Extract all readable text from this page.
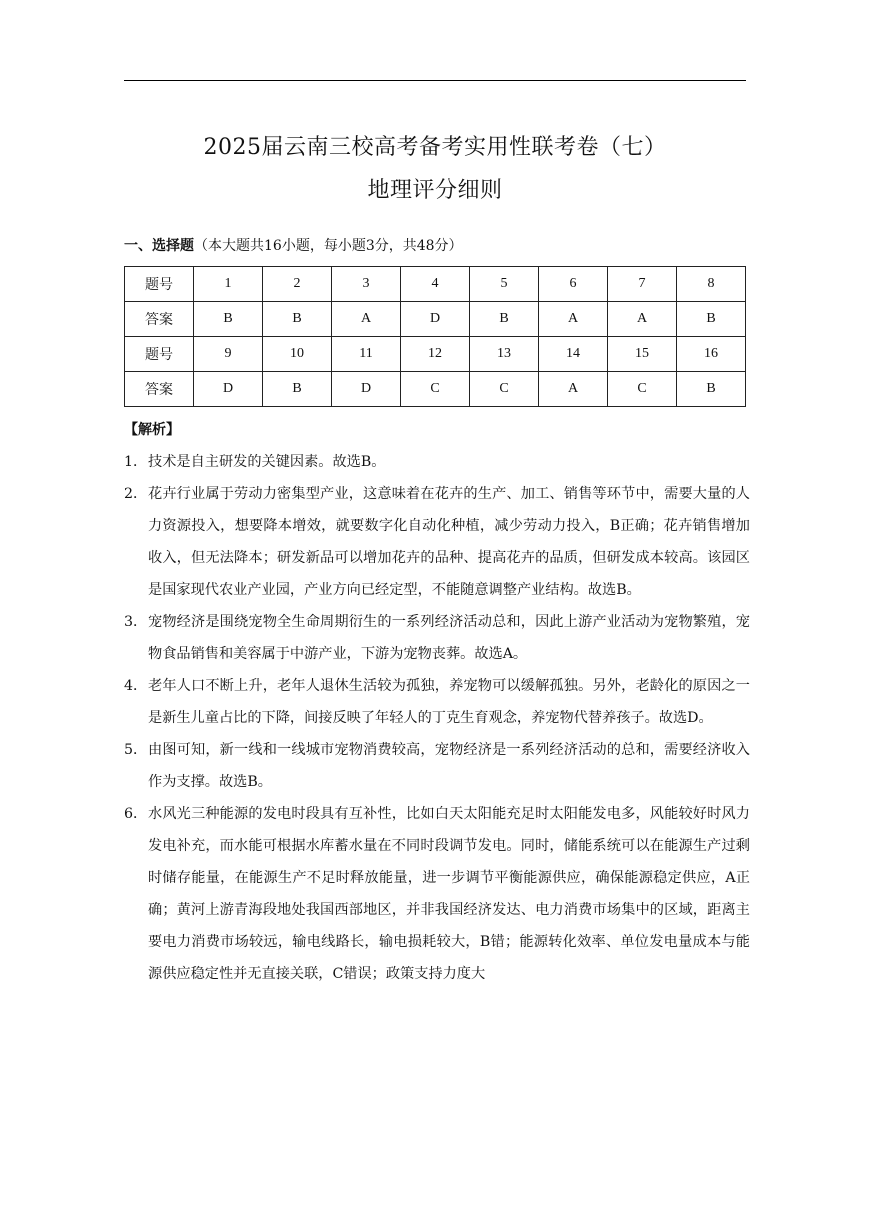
2025届云南三校高考备考实用性联考卷（七）
地理评分细则
一、选择题（本大题共16小题，每小题3分，共48分）
题号	1	2	3	4	5	6	7	8
答案	B	B	A	D	B	A	A	B
题号	9	10	11	12	13	14	15	16
答案	D	B	D	C	C	A	C	B
【解析】

1． 技术是自主研发的关键因素。故选B。

2． 花卉行业属于劳动力密集型产业，这意味着在花卉的生产、加工、销售等环节中，需要大量的人力资源投入，想要降本增效，就要数字化自动化种植，减少劳动力投入，B正确；花卉销售增加收入，但无法降本；研发新品可以增加花卉的品种、提高花卉的品质，但研发成本较高。该园区是国家现代农业产业园，产业方向已经定型，不能随意调整产业结构。故选B。

3． 宠物经济是围绕宠物全生命周期衍生的一系列经济活动总和，因此上游产业活动为宠物繁殖，宠物食品销售和美容属于中游产业，下游为宠物丧葬。故选A。

4． 老年人口不断上升，老年人退休生活较为孤独，养宠物可以缓解孤独。另外，老龄化的原因之一是新生儿童占比的下降，间接反映了年轻人的丁克生育观念，养宠物代替养孩子。故选D。

5． 由图可知，新一线和一线城市宠物消费较高，宠物经济是一系列经济活动的总和，需要经济收入作为支撑。故选B。

6． 水风光三种能源的发电时段具有互补性，比如白天太阳能充足时太阳能发电多，风能较好时风力发电补充，而水能可根据水库蓄水量在不同时段调节发电。同时，储能系统可以在能源生产过剩时储存能量，在能源生产不足时释放能量，进一步调节平衡能源供应，确保能源稳定供应，A正确；黄河上游青海段地处我国西部地区，并非我国经济发达、电力消费市场集中的区域，距离主要电力消费市场较远，输电线路长，输电损耗较大，B错；能源转化效率、单位发电量成本与能源供应稳定性并无直接关联，C错误；政策支持力度大
